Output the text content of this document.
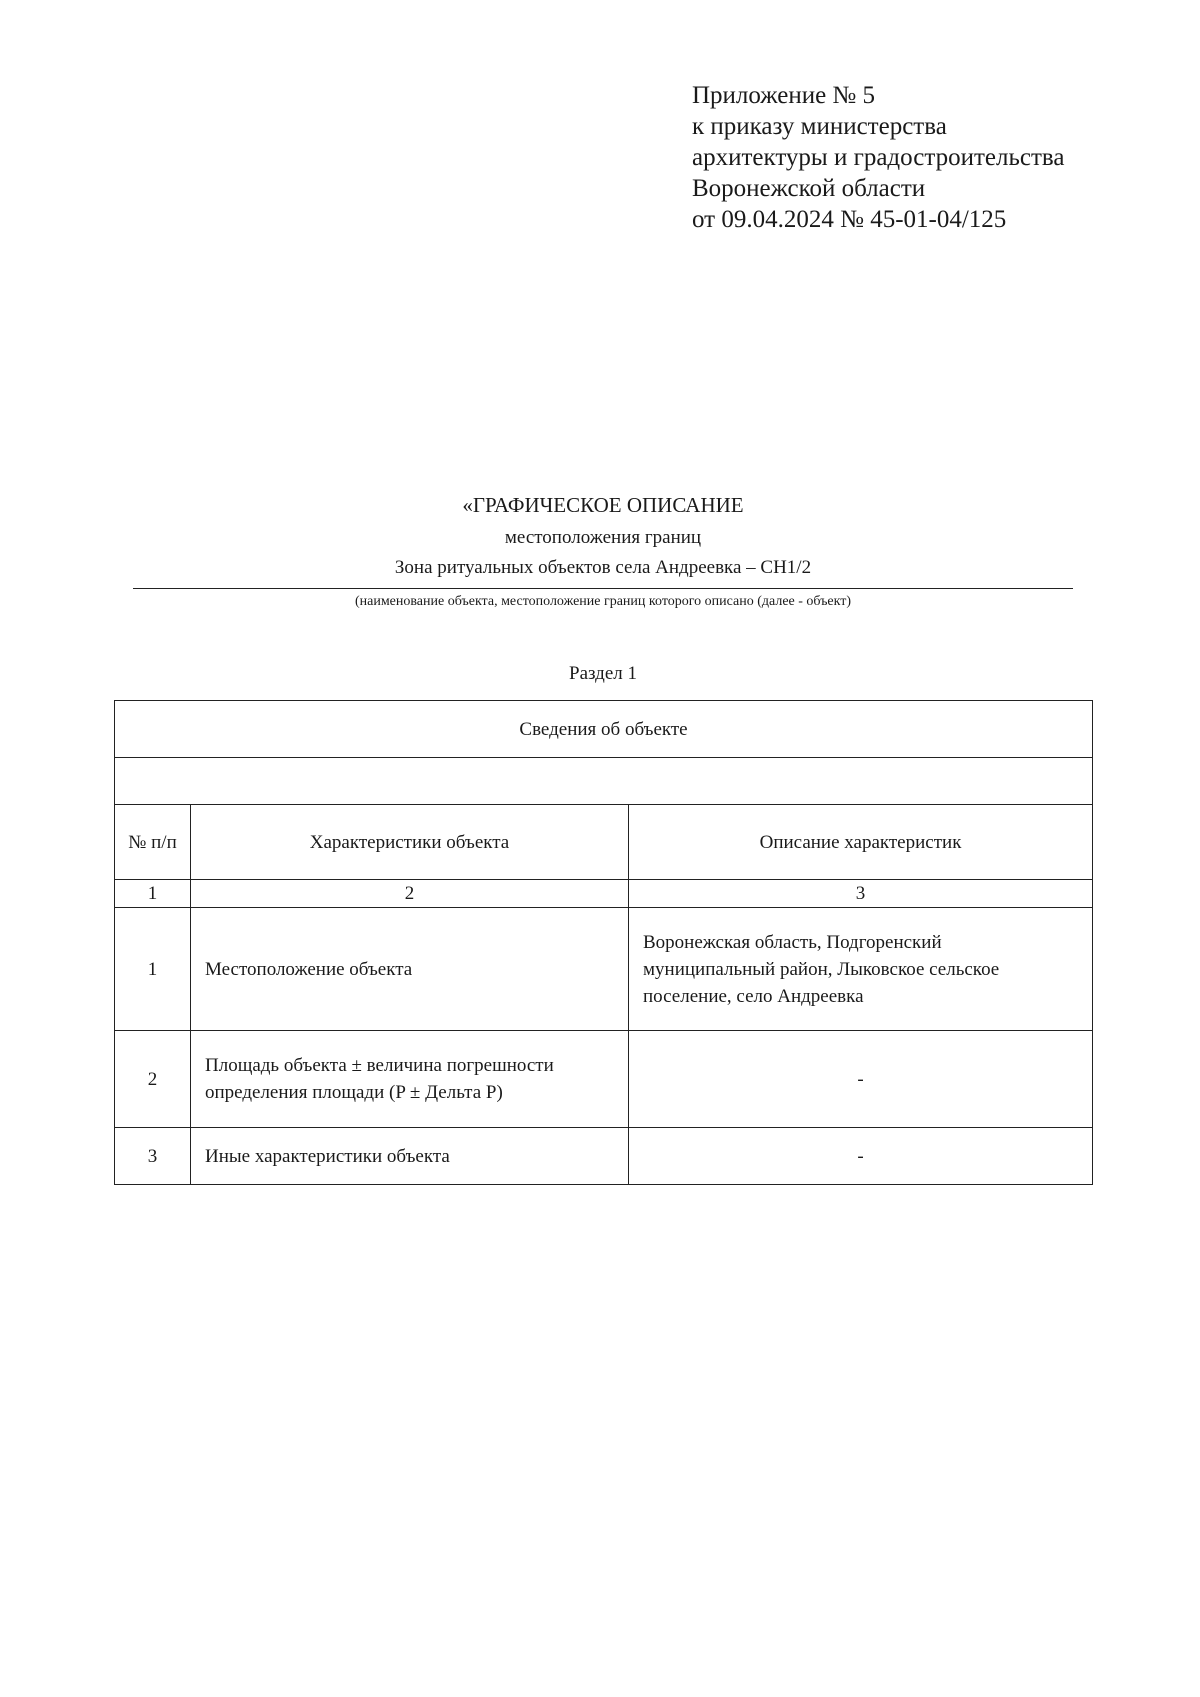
Приложение № 5
к приказу министерства
архитектуры и градостроительства
Воронежской области
от 09.04.2024 № 45-01-04/125
«ГРАФИЧЕСКОЕ ОПИСАНИЕ
местоположения границ
Зона ритуальных объектов села Андреевка – СН1/2
(наименование объекта, местоположение границ которого описано (далее - объект)
Раздел 1
Сведения об объекте		

№ п/п	Характеристики объекта	Описание характеристик
1	2	3
1	Местоположение объекта	Воронежская область, Подгоренский муниципальный район, Лыковское сельское поселение, село Андреевка
2	Площадь объекта ± величина погрешности определения площади (P ± Дельта P)	-
3	Иные характеристики объекта	-
